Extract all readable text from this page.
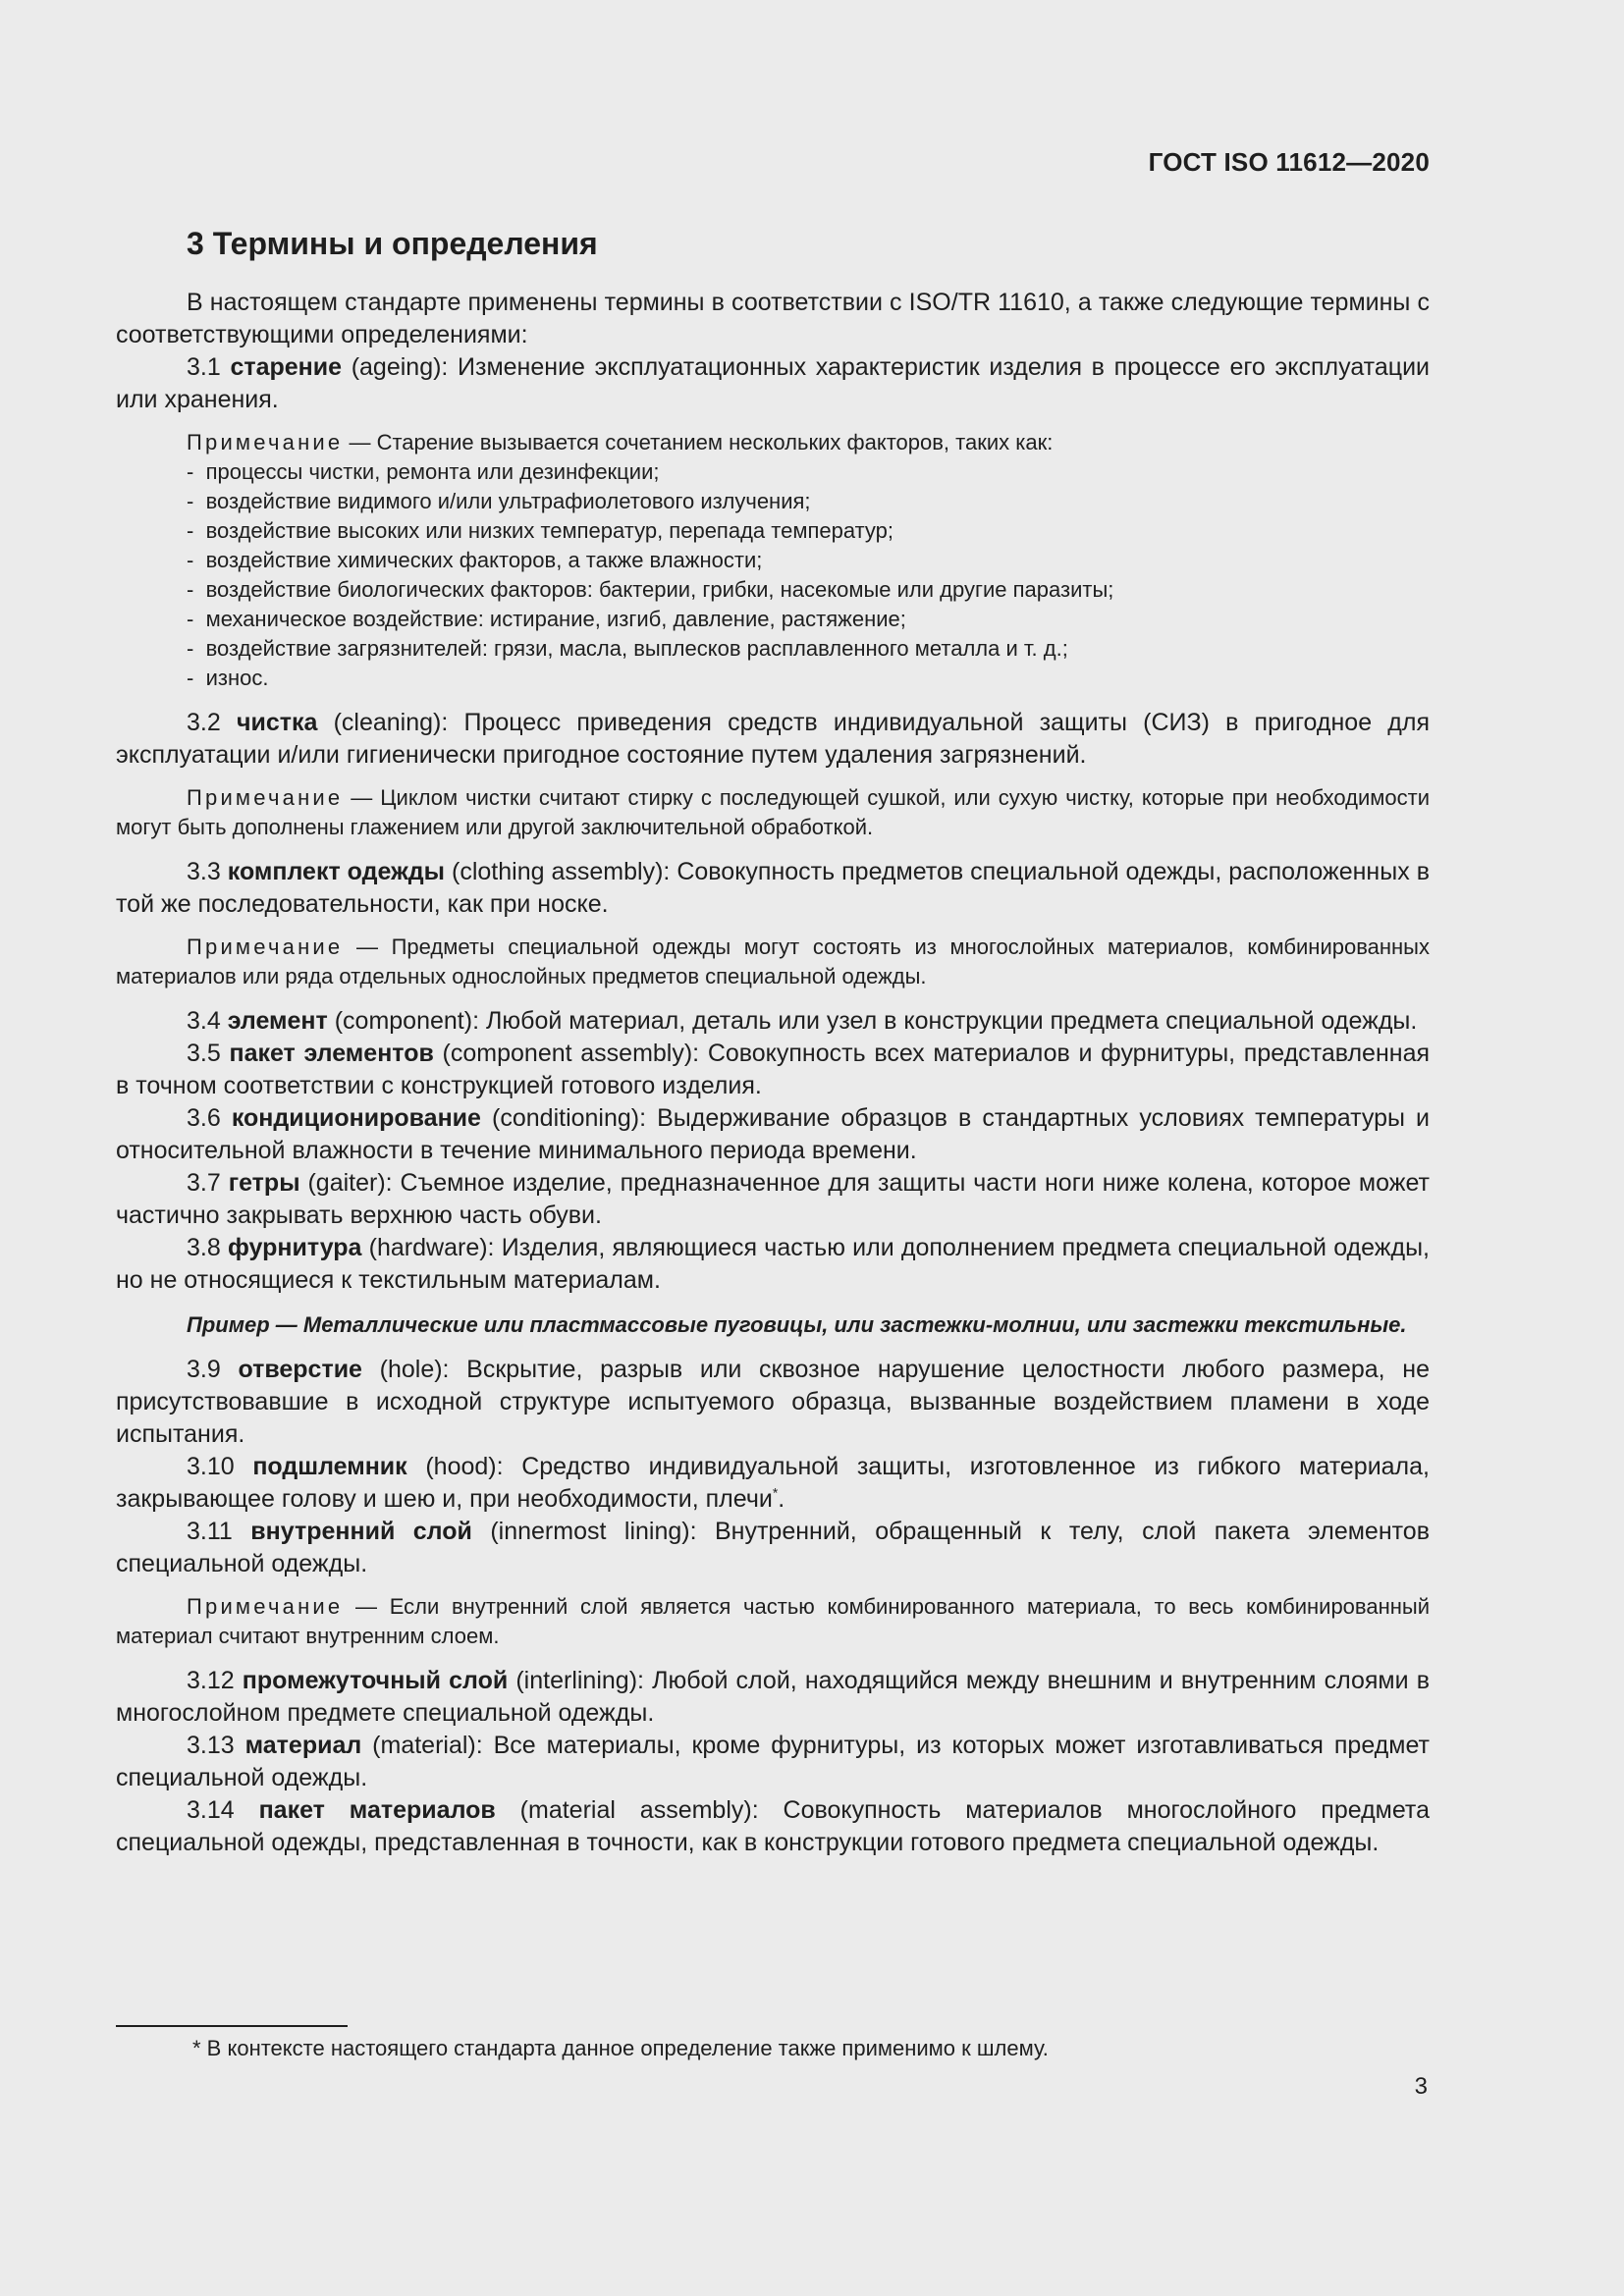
ГОСТ ISO 11612—2020
3 Термины и определения

В настоящем стандарте применены термины в соответствии с ISO/TR 11610, а также следующие термины с соответствующими определениями:

3.1 старение (ageing): Изменение эксплуатационных характеристик изделия в процессе его эксплуатации или хранения.

Примечание — Старение вызывается сочетанием нескольких факторов, таких как:

- процессы чистки, ремонта или дезинфекции;
- воздействие видимого и/или ультрафиолетового излучения;
- воздействие высоких или низких температур, перепада температур;
- воздействие химических факторов, а также влажности;
- воздействие биологических факторов: бактерии, грибки, насекомые или другие паразиты;
- механическое воздействие: истирание, изгиб, давление, растяжение;
- воздействие загрязнителей: грязи, масла, выплесков расплавленного металла и т. д.;
- износ.

3.2 чистка (cleaning): Процесс приведения средств индивидуальной защиты (СИЗ) в пригодное для эксплуатации и/или гигиенически пригодное состояние путем удаления загрязнений.

Примечание — Циклом чистки считают стирку с последующей сушкой, или сухую чистку, которые при необходимости могут быть дополнены глажением или другой заключительной обработкой.

3.3 комплект одежды (clothing assembly): Совокупность предметов специальной одежды, расположенных в той же последовательности, как при носке.

Примечание — Предметы специальной одежды могут состоять из многослойных материалов, комбинированных материалов или ряда отдельных однослойных предметов специальной одежды.

3.4 элемент (component): Любой материал, деталь или узел в конструкции предмета специальной одежды.

3.5 пакет элементов (component assembly): Совокупность всех материалов и фурнитуры, представленная в точном соответствии с конструкцией готового изделия.

3.6 кондиционирование (conditioning): Выдерживание образцов в стандартных условиях температуры и относительной влажности в течение минимального периода времени.

3.7 гетры (gaiter): Съемное изделие, предназначенное для защиты части ноги ниже колена, которое может частично закрывать верхнюю часть обуви.

3.8 фурнитура (hardware): Изделия, являющиеся частью или дополнением предмета специальной одежды, но не относящиеся к текстильным материалам.

Пример — Металлические или пластмассовые пуговицы, или застежки-молнии, или застежки текстильные.

3.9 отверстие (hole): Вскрытие, разрыв или сквозное нарушение целостности любого размера, не присутствовавшие в исходной структуре испытуемого образца, вызванные воздействием пламени в ходе испытания.

3.10 подшлемник (hood): Средство индивидуальной защиты, изготовленное из гибкого материала, закрывающее голову и шею и, при необходимости, плечи*.

3.11 внутренний слой (innermost lining): Внутренний, обращенный к телу, слой пакета элементов специальной одежды.

Примечание — Если внутренний слой является частью комбинированного материала, то весь комбинированный материал считают внутренним слоем.

3.12 промежуточный слой (interlining): Любой слой, находящийся между внешним и внутренним слоями в многослойном предмете специальной одежды.

3.13 материал (material): Все материалы, кроме фурнитуры, из которых может изготавливаться предмет специальной одежды.

3.14 пакет материалов (material assembly): Совокупность материалов многослойного предмета специальной одежды, представленная в точности, как в конструкции готового предмета специальной одежды.

* В контексте настоящего стандарта данное определение также применимо к шлему.
3
